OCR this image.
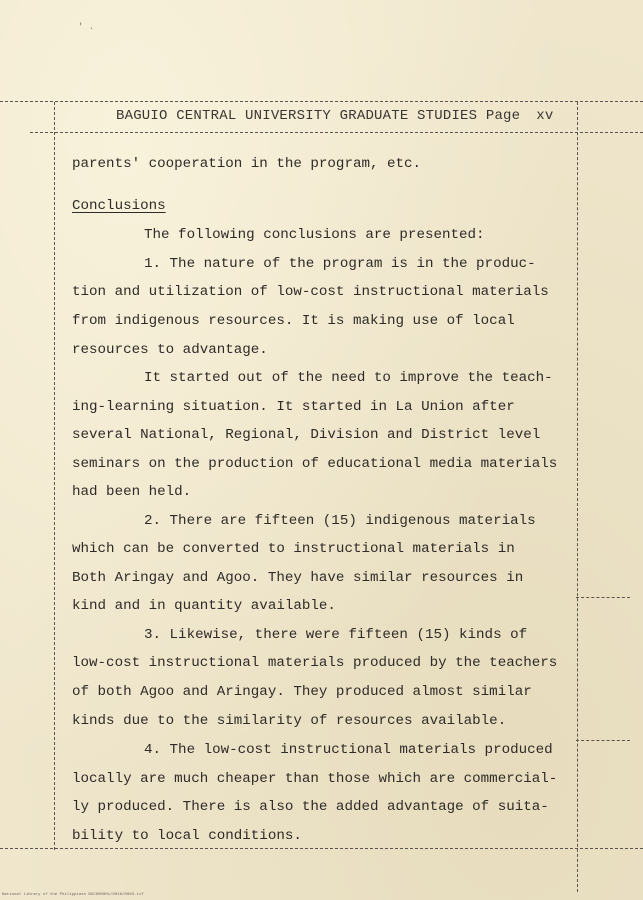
' .
BAGUIO CENTRAL UNIVERSITY GRADUATE STUDIES Page xv
parents' cooperation in the program, etc.
Conclusions
The following conclusions are presented:
1. The nature of the program is in the produc-
tion and utilization of low-cost instructional materials
from indigenous resources. It is making use of local
resources to advantage.
It started out of the need to improve the teach-
ing-learning situation. It started in La Union after
several National, Regional, Division and District level
seminars on the production of educational media materials
had been held.
2. There are fifteen (15) indigenous materials
which can be converted to instructional materials in
Both Aringay and Agoo. They have similar resources in
kind and in quantity available.
3. Likewise, there were fifteen (15) kinds of
low-cost instructional materials produced by the teachers
of both Agoo and Aringay. They produced almost similar
kinds due to the similarity of resources available.
4. The low-cost instructional materials produced
locally are much cheaper than those which are commercial-
ly produced. There is also the added advantage of suita-
bility to local conditions.
National Library of the Philippines BUC000001/0016/0003.tif
